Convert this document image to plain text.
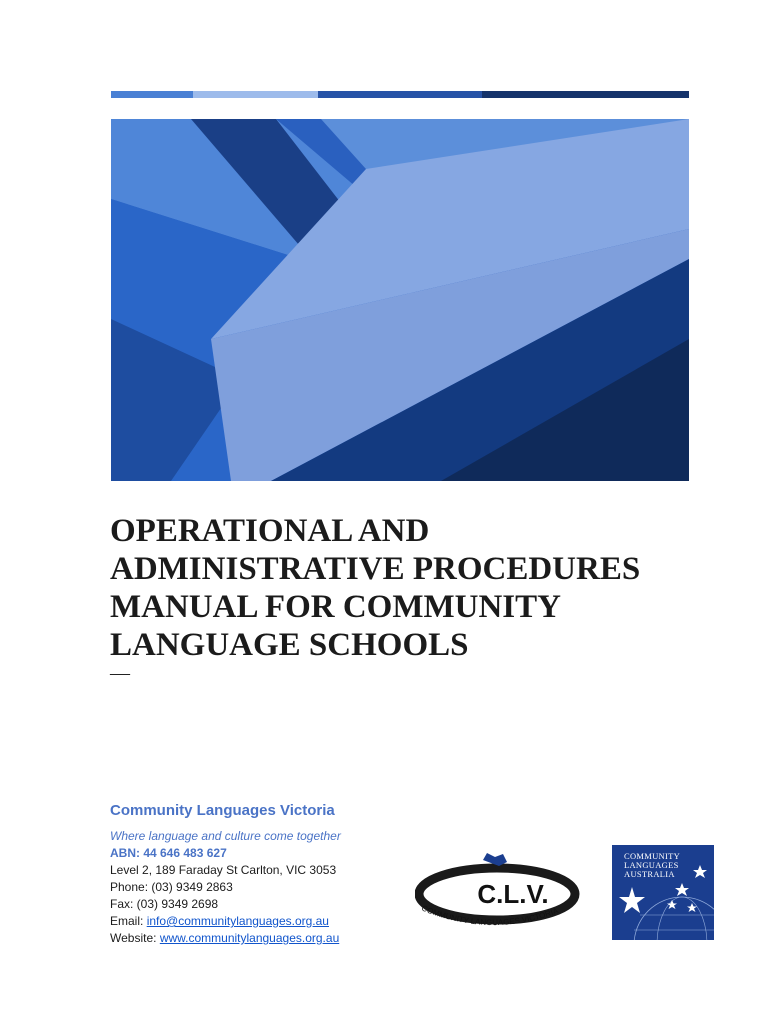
OPERATIONAL AND
ADMINISTRATIVE PROCEDURES
MANUAL FOR COMMUNITY
LANGUAGE SCHOOLS
—
Community Languages Victoria
Where language and culture come together
ABN: 44 646 483 627
Level 2, 189 Faraday St Carlton, VIC 3053
Phone: (03) 9349 2863
Fax: (03) 9349 2698
Email: info@communitylanguages.org.au
Website: www.communitylanguages.org.au
C.L.V.
COMMUNITY LANGUAGES VICTORIA
COMMUNITY
LANGUAGES
AUSTRALIA
